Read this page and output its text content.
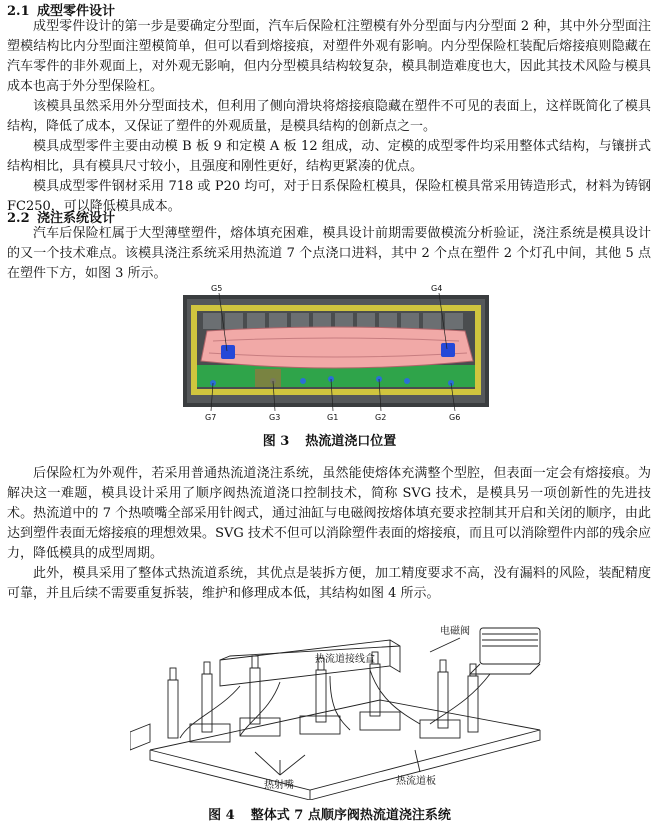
2.1 成型零件设计

成型零件设计的第一步是要确定分型面，汽车后保险杠注塑模有外分型面与内分型面 2 种，其中外分型面注塑模结构比内分型面注塑模简单，但可以看到熔接痕，对塑件外观有影响。内分型保险杠装配后熔接痕则隐藏在汽车零件的非外观面上，对外观无影响，但内分型模具结构较复杂，模具制造难度也大，因此其技术风险与模具成本也高于外分型保险杠。

该模具虽然采用外分型面技术，但利用了侧向滑块将熔接痕隐藏在塑件不可见的表面上，这样既简化了模具结构，降低了成本，又保证了塑件的外观质量，是模具结构的创新点之一。

模具成型零件主要由动模 B 板 9 和定模 A 板 12 组成，动、定模的成型零件均采用整体式结构，与镶拼式结构相比，具有模具尺寸较小，且强度和刚性更好，结构更紧凑的优点。

模具成型零件钢材采用 718 或 P20 均可，对于日系保险杠模具，保险杠模具常采用铸造形式，材料为铸钢 FC250，可以降低模具成本。

2.2 浇注系统设计

汽车后保险杠属于大型薄壁塑件，熔体填充困难，模具设计前期需要做模流分析验证，浇注系统是模具设计的又一个技术难点。该模具浇注系统采用热流道 7 个点浇口进料，其中 2 个点在塑件 2 个灯孔中间，其他 5 点在塑件下方，如图 3 所示。

G5	G4
G7	G3	G1	G2	G6
图 3 热流道浇口位置

后保险杠为外观件，若采用普通热流道浇注系统，虽然能使熔体充满整个型腔，但表面一定会有熔接痕。为解决这一难题，模具设计采用了顺序阀热流道浇口控制技术，简称 SVG 技术，是模具另一项创新性的先进技术。热流道中的 7 个热喷嘴全部采用针阀式，通过油缸与电磁阀按熔体填充要求控制其开启和关闭的顺序，由此达到塑件表面无熔接痕的理想效果。SVG 技术不但可以消除塑件表面的熔接痕，而且可以消除塑件内部的残余应力，降低模具的成型周期。

此外，模具采用了整体式热流道系统，其优点是装拆方便，加工精度要求不高，没有漏料的风险，装配精度可靠，并且后续不需要重复拆装，维护和修理成本低，其结构如图 4 所示。

电磁阀
热流道接线盒
热射嘴	热流道板
图 4 整体式 7 点顺序阀热流道浇注系统
